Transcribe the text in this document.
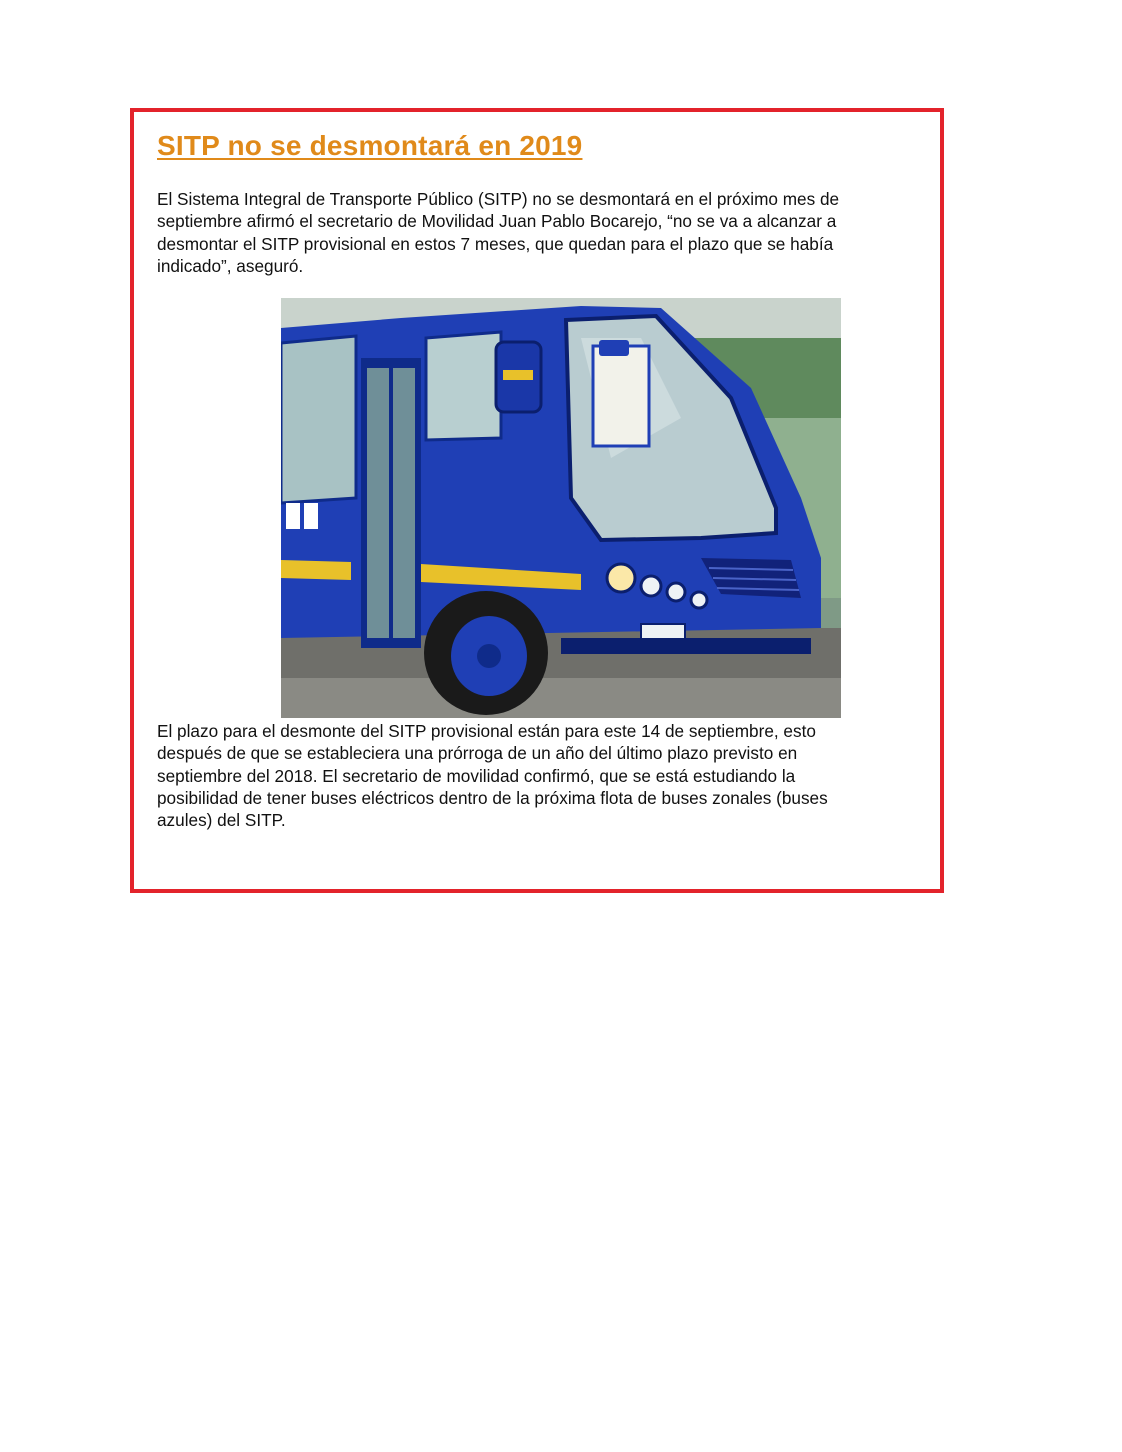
SITP no se desmontará en 2019

El Sistema Integral de Transporte Público (SITP) no se desmontará en el próximo mes de
septiembre afirmó el secretario de Movilidad Juan Pablo Bocarejo, “no se va a alcanzar a
desmontar el SITP provisional en estos 7 meses, que quedan para el plazo que se había
indicado”, aseguró.

El plazo para el desmonte del SITP provisional están para este 14 de septiembre, esto
después de que se estableciera una prórroga de un año del último plazo previsto en
septiembre del 2018. El secretario de movilidad confirmó, que se está estudiando la
posibilidad de tener buses eléctricos dentro de la próxima flota de buses zonales (buses
azules) del SITP.
